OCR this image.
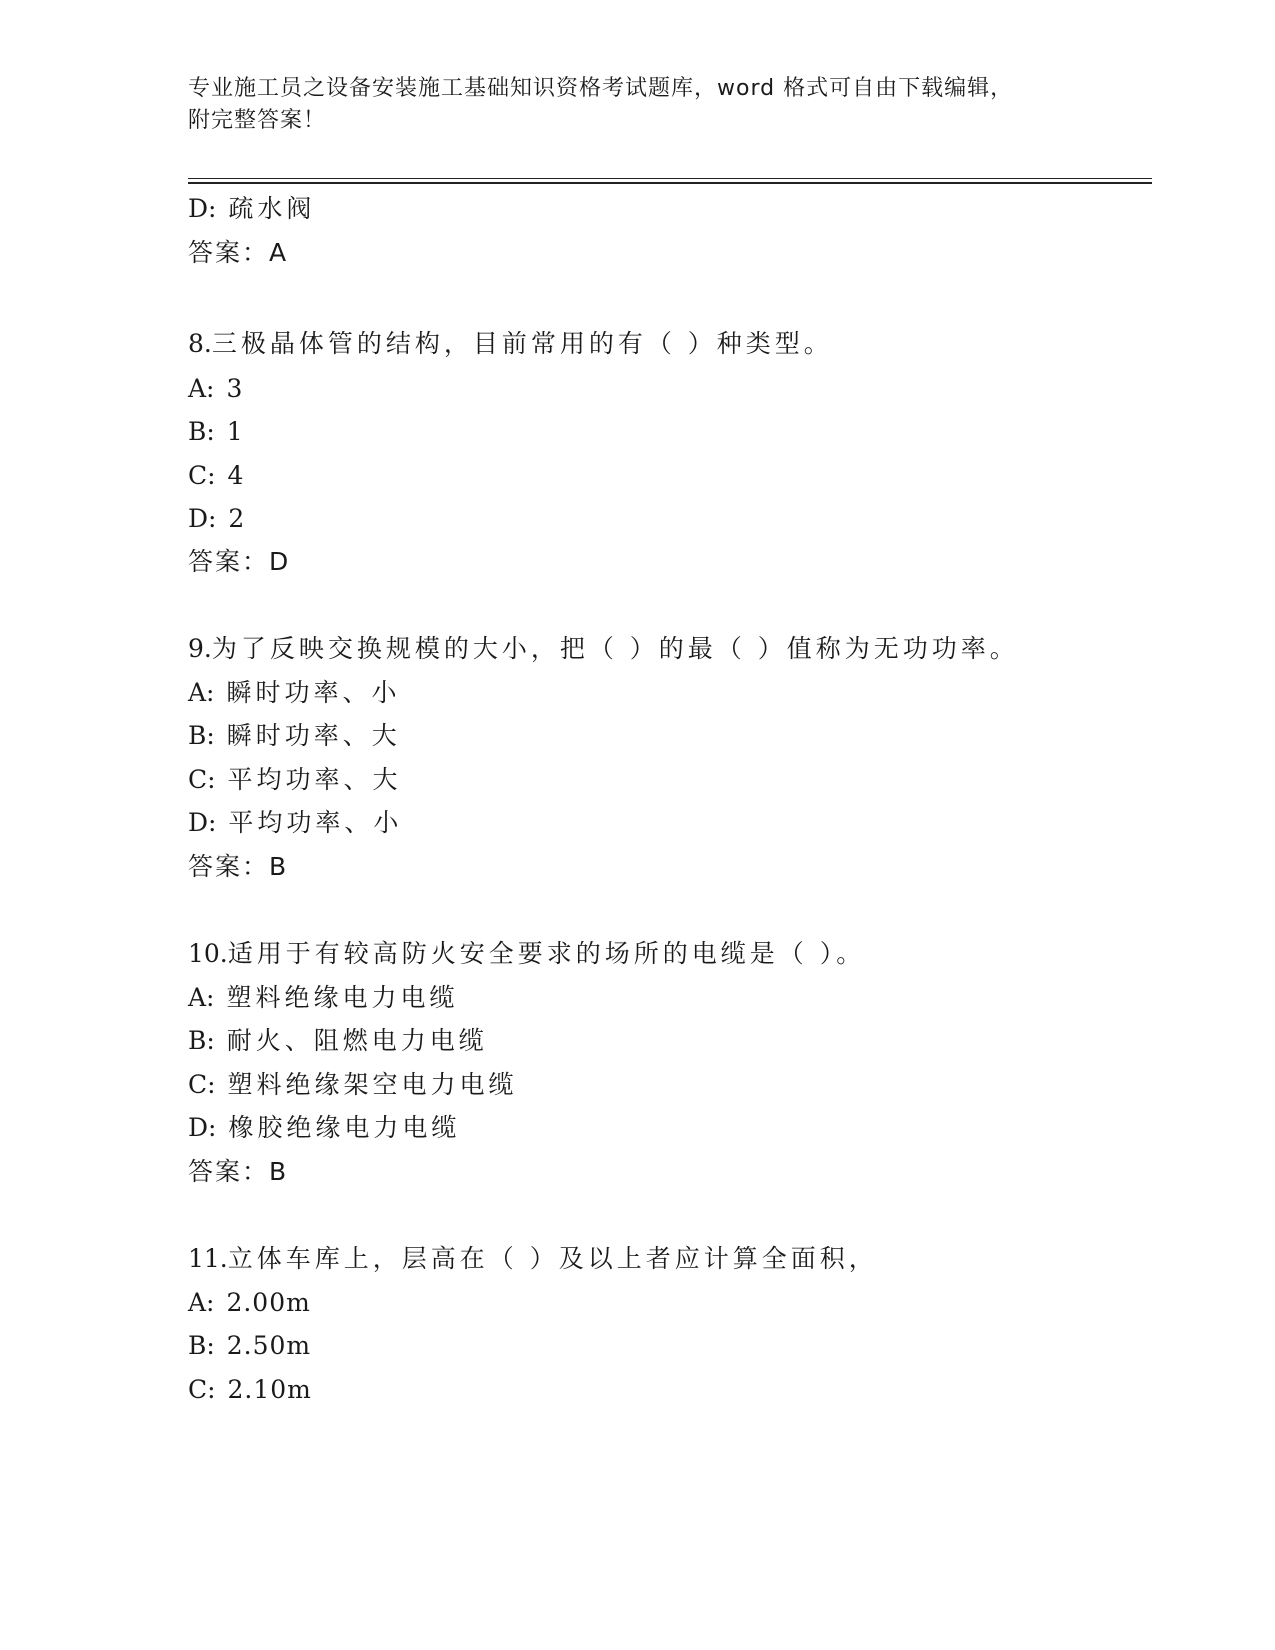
专业施工员之设备安装施工基础知识资格考试题库，word 格式可自由下载编辑，
附完整答案！
D: 疏水阀
答案：A
8.三极晶体管的结构，目前常用的有（ ）种类型。
A: 3
B: 1
C: 4
D: 2
答案：D
9.为了反映交换规模的大小，把（ ）的最（ ）值称为无功功率。
A: 瞬时功率、小
B: 瞬时功率、大
C: 平均功率、大
D: 平均功率、小
答案：B
10.适用于有较高防火安全要求的场所的电缆是（ ）。
A: 塑料绝缘电力电缆
B: 耐火、阻燃电力电缆
C: 塑料绝缘架空电力电缆
D: 橡胶绝缘电力电缆
答案：B
11.立体车库上，层高在（ ）及以上者应计算全面积，
A: 2.00m
B: 2.50m
C: 2.10m
